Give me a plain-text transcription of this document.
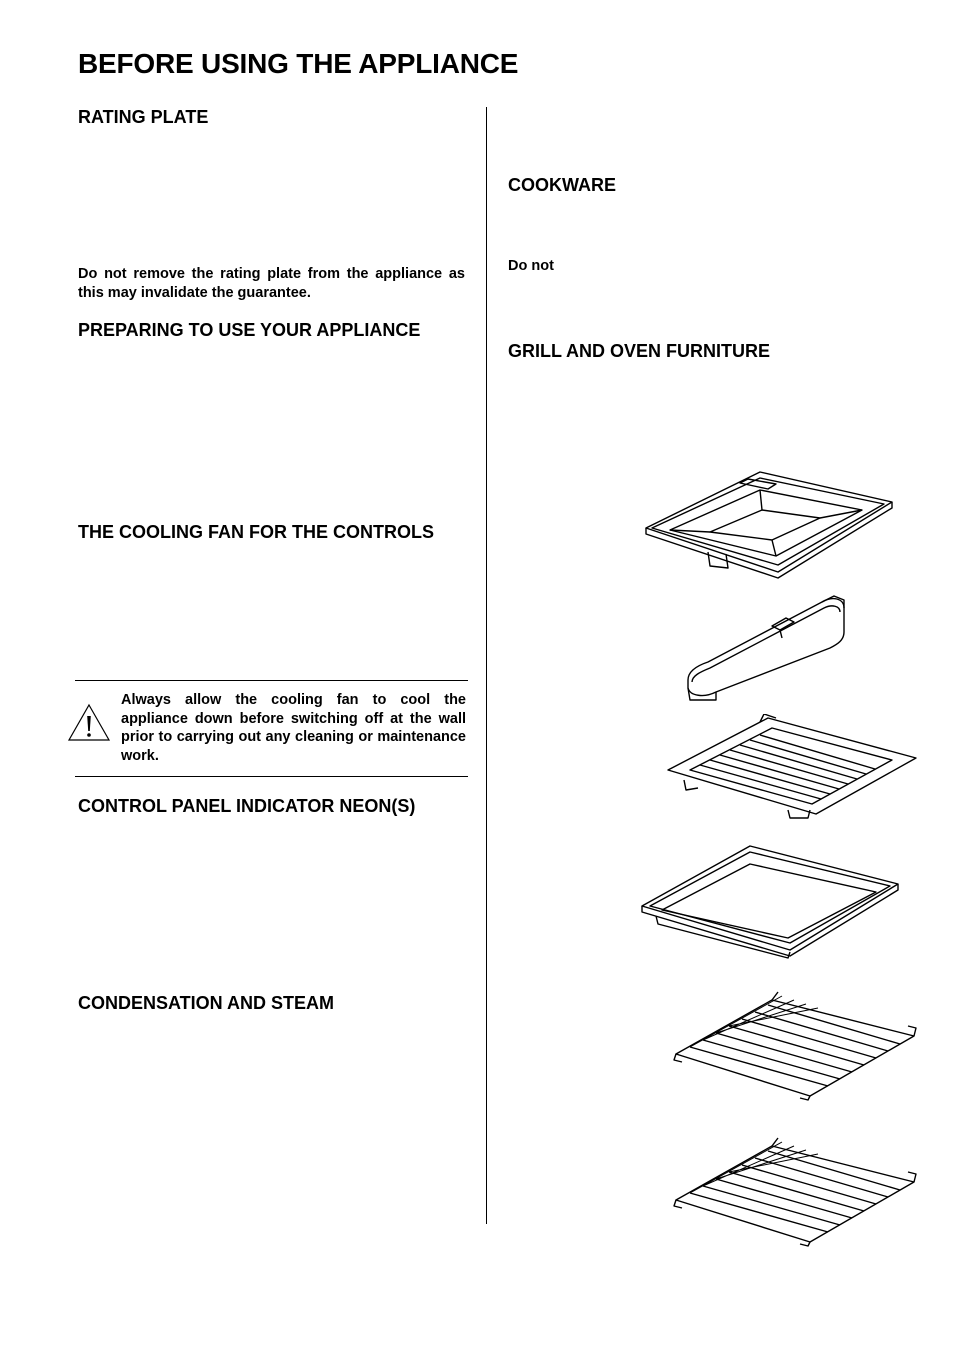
BEFORE USING THE APPLIANCE
RATING PLATE

Do not remove the rating plate from the appliance as this may invalidate the guarantee.

PREPARING TO USE YOUR APPLIANCE
THE COOLING FAN FOR THE CONTROLS

Always allow the cooling fan to cool the appliance down before switching off at the wall prior to carrying out any cleaning or maintenance work.

CONTROL PANEL INDICATOR NEON(S)
CONDENSATION AND STEAM
COOKWARE

Do not

GRILL AND OVEN FURNITURE
